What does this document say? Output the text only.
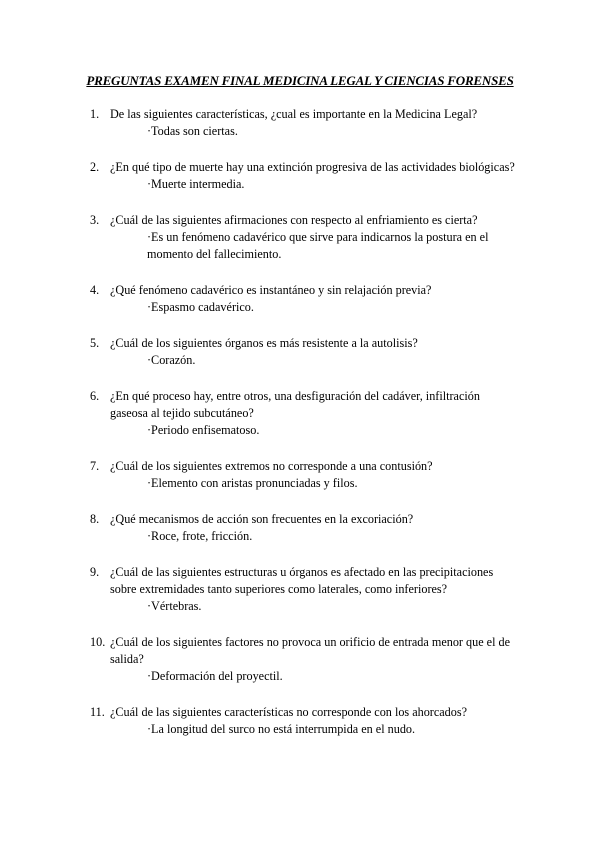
PREGUNTAS EXAMEN FINAL MEDICINA LEGAL Y CIENCIAS FORENSES
1. De las siguientes características, ¿cual es importante en la Medicina Legal?
·Todas son ciertas.
2. ¿En qué tipo de muerte hay una extinción progresiva de las actividades biológicas?
·Muerte intermedia.
3. ¿Cuál de las siguientes afirmaciones con respecto al enfriamiento es cierta?
·Es un fenómeno cadavérico que sirve para indicarnos la postura en el momento del fallecimiento.
4. ¿Qué fenómeno cadavérico es instantáneo y sin relajación previa?
·Espasmo cadavérico.
5. ¿Cuál de los siguientes órganos es más resistente a la autolisis?
·Corazón.
6. ¿En qué proceso hay, entre otros, una desfiguración del cadáver, infiltración gaseosa al tejido subcutáneo?
·Periodo enfisematoso.
7. ¿Cuál de los siguientes extremos no corresponde a una contusión?
·Elemento con aristas pronunciadas y filos.
8. ¿Qué mecanismos de acción son frecuentes en la excoriación?
·Roce, frote, fricción.
9. ¿Cuál de las siguientes estructuras u órganos es afectado en las precipitaciones sobre extremidades tanto superiores como laterales, como inferiores?
·Vértebras.
10. ¿Cuál de los siguientes factores no provoca un orificio de entrada menor que el de salida?
·Deformación del proyectil.
11. ¿Cuál de las siguientes características no corresponde con los ahorcados?
·La longitud del surco no está interrumpida en el nudo.
